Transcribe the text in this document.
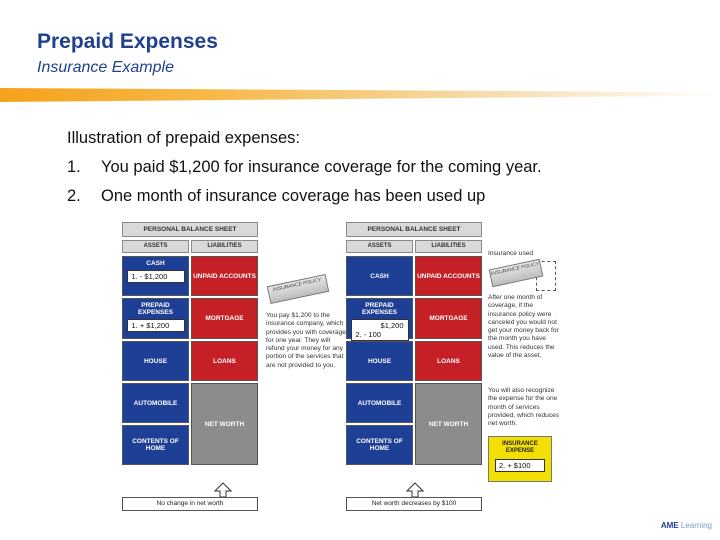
Prepaid Expenses
Insurance Example
Illustration of prepaid expenses:
1. You paid $1,200 for insurance coverage for the coming year.
2. One month of insurance coverage has been used up
PERSONAL BALANCE SHEET
ASSETS	LIABILITIES
CASH
1. - $1,200
PREPAID EXPENSES
1. + $1,200
HOUSE
AUTOMOBILE
CONTENTS OF HOME
UNPAID ACCOUNTS
MORTGAGE
LOANS
NET WORTH
No change in net worth
INSURANCE POLICY
You pay $1,200 to the insurance company, which provides you with coverage for one year. They will refund your money for any portion of the services that are not provided to you.
PERSONAL BALANCE SHEET
ASSETS	LIABILITIES
CASH
PREPAID EXPENSES
$1,200
2. - 100
HOUSE
AUTOMOBILE
CONTENTS OF HOME
UNPAID ACCOUNTS
MORTGAGE
LOANS
NET WORTH
Net worth decreases by $100
Insurance used
INSURANCE POLICY
After one month of coverage, if the insurance policy were canceled you would not get your money back for the month you have used. This reduces the value of the asset.
You will also recognize the expense for the one month of services provided, which reduces net worth.
INSURANCE EXPENSE
2. + $100
AME Learning
